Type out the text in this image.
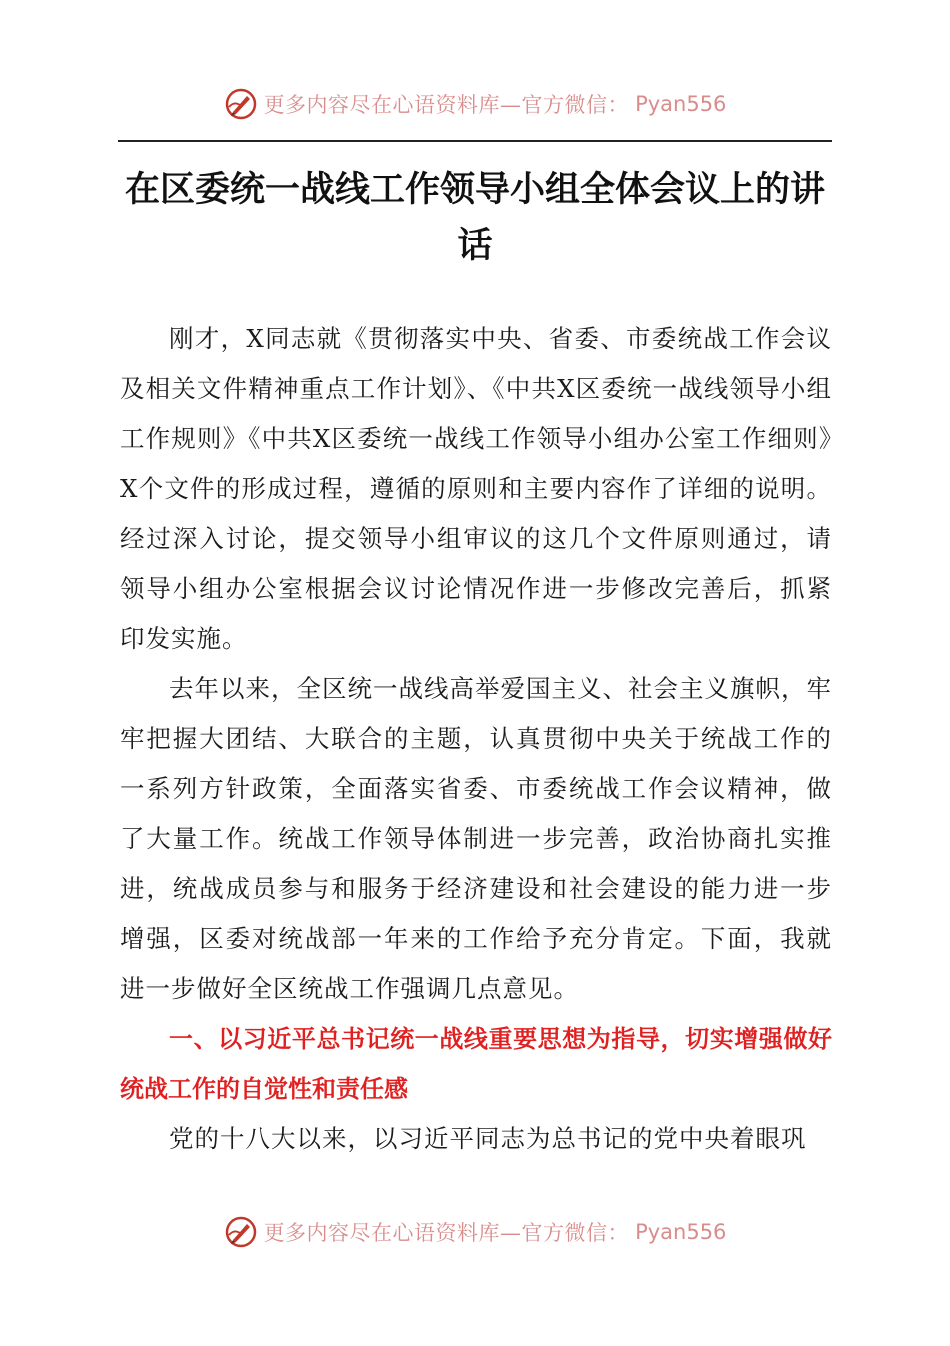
更多内容尽在心语资料库—官方微信： Pyan556
在区委统一战线工作领导小组全体会议上的讲话

刚才，X同志就《贯彻落实中央、省委、市委统战工作会议及相关文件精神重点工作计划》、《中共X区委统一战线领导小组工作规则》《中共X区委统一战线工作领导小组办公室工作细则》X个文件的形成过程，遵循的原则和主要内容作了详细的说明。经过深入讨论，提交领导小组审议的这几个文件原则通过，请领导小组办公室根据会议讨论情况作进一步修改完善后，抓紧印发实施。

去年以来，全区统一战线高举爱国主义、社会主义旗帜，牢牢把握大团结、大联合的主题，认真贯彻中央关于统战工作的一系列方针政策，全面落实省委、市委统战工作会议精神，做了大量工作。统战工作领导体制进一步完善，政治协商扎实推进，统战成员参与和服务于经济建设和社会建设的能力进一步增强，区委对统战部一年来的工作给予充分肯定。下面，我就进一步做好全区统战工作强调几点意见。

一、以习近平总书记统一战线重要思想为指导，切实增强做好统战工作的自觉性和责任感

党的十八大以来，以习近平同志为总书记的党中央着眼巩

更多内容尽在心语资料库—官方微信： Pyan556
